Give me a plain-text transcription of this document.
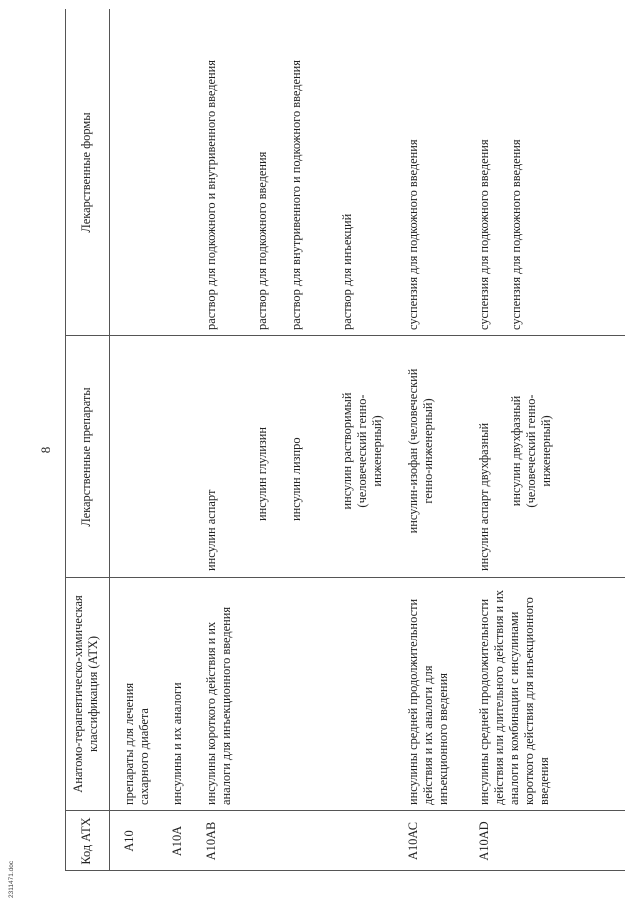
8
Код АТХ
Анатомо-терапевтическо-химическая классификация (АТХ)
Лекарственные препараты
Лекарственные формы
А10
препараты для лечения сахарного диабета
А10А
инсулины и их аналоги
А10АВ
инсулины короткого действия и их аналоги для инъекционного введения
инсулин аспарт
раствор для подкожного и внутривенного введения
инсулин глулизин
раствор для подкожного введения
инсулин лизпро
раствор для внутривенного и подкожного введения
инсулин растворимый (человеческий генно-инженерный)
раствор для инъекций
А10АС
инсулины средней продолжительности действия и их аналоги для инъекционного введения
инсулин-изофан (человеческий генно-инженерный)
суспензия для подкожного введения
А10АD
инсулины средней продолжительности действия или длительного действия и их аналоги в комбинации с инсулинами короткого действия для инъекционного введения
инсулин аспарт двухфазный
суспензия для подкожного введения
инсулин двухфазный (человеческий генно-инженерный)
суспензия для подкожного введения
2311471.doc
